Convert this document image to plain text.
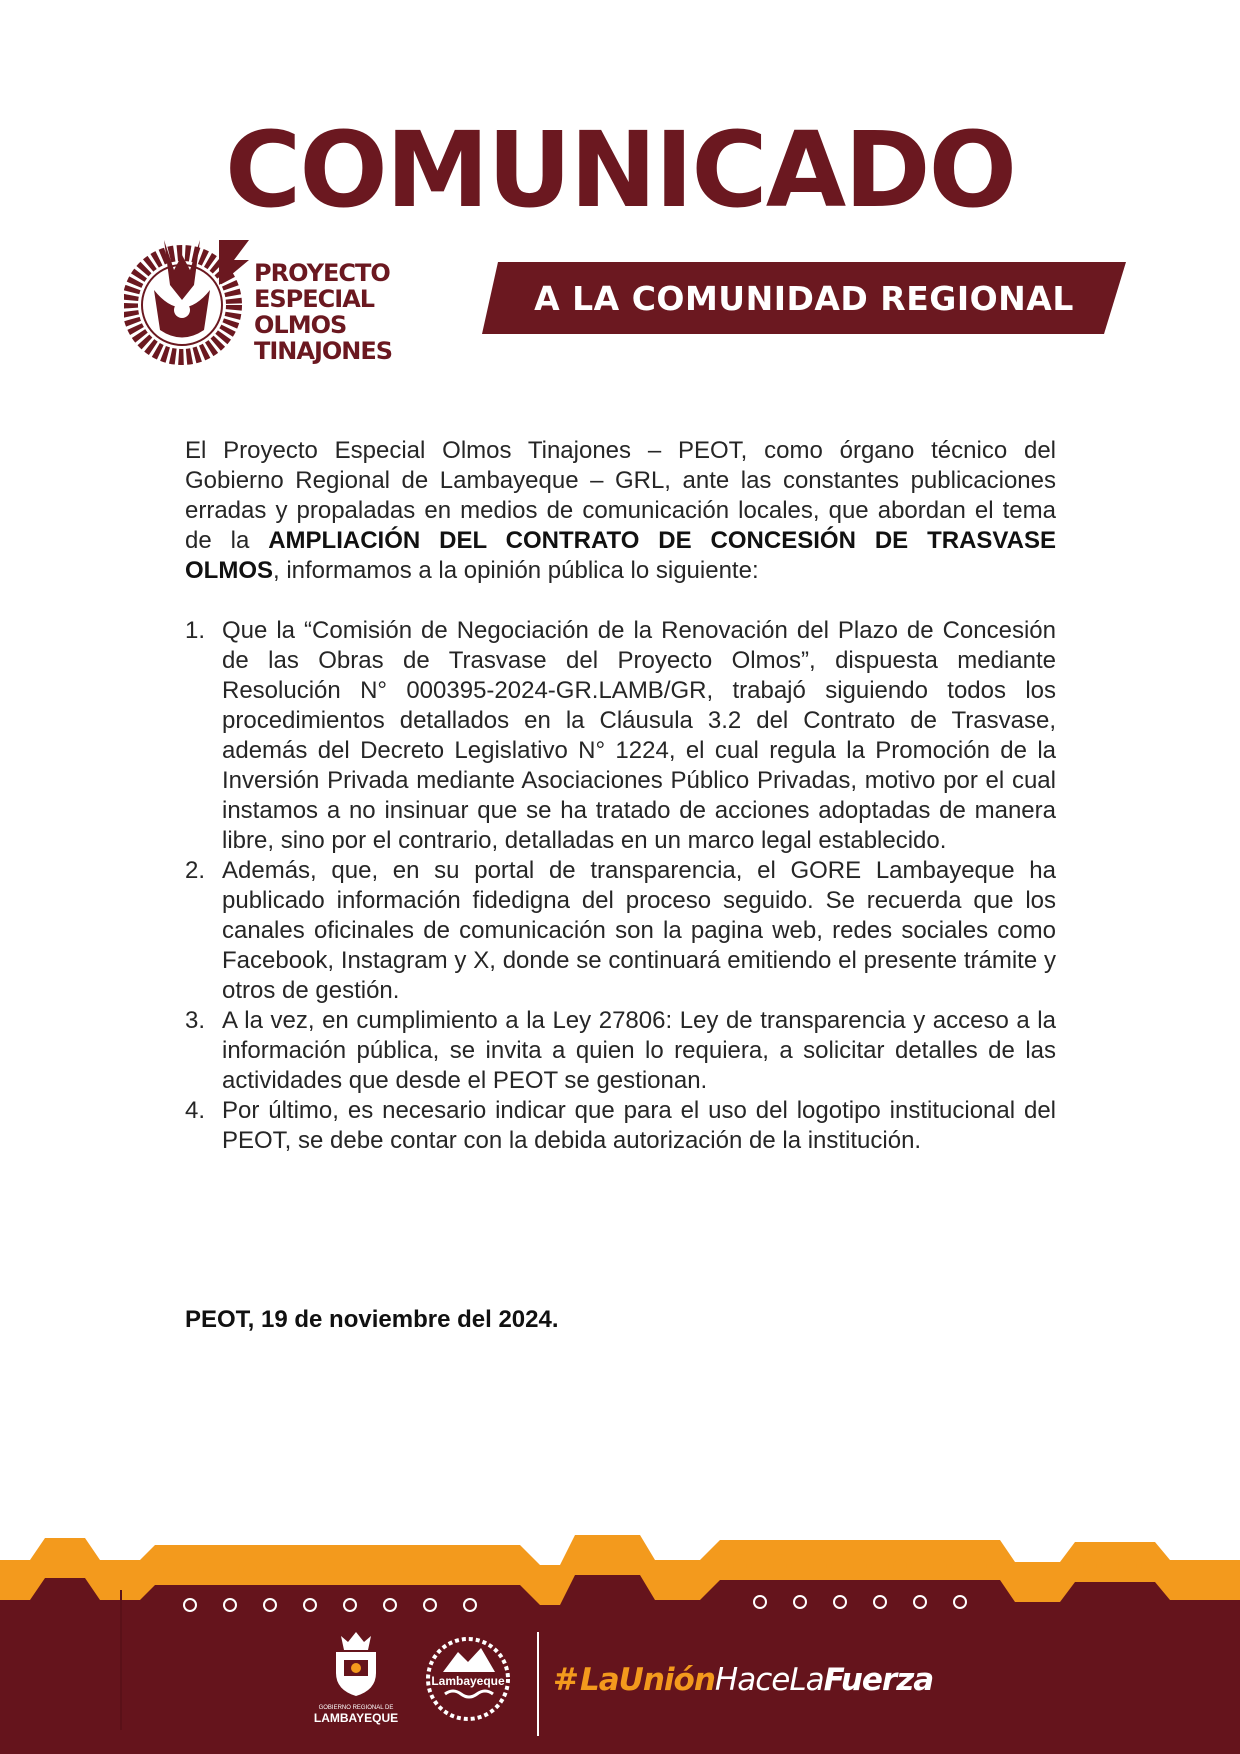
COMUNICADO
PROYECTO ESPECIAL
OLMOS TINAJONES
A LA COMUNIDAD REGIONAL

El Proyecto Especial Olmos Tinajones – PEOT, como órgano técnico del Gobierno Regional de Lambayeque – GRL, ante las constantes publicaciones erradas y propaladas en medios de comunicación locales, que abordan el tema de la AMPLIACIÓN DEL CONTRATO DE CONCESIÓN DE TRASVASE OLMOS, informamos a la opinión pública lo siguiente:

1. Que la “Comisión de Negociación de la Renovación del Plazo de Concesión de las Obras de Trasvase del Proyecto Olmos”, dispuesta mediante Resolución N° 000395-2024-GR.LAMB/GR, trabajó siguiendo todos los procedimientos detallados en la Cláusula 3.2 del Contrato de Trasvase, además del Decreto Legislativo N° 1224, el cual regula la Promoción de la Inversión Privada mediante Asociaciones Público Privadas, motivo por el cual instamos a no insinuar que se ha tratado de acciones adoptadas de manera libre, sino por el contrario, detalladas en un marco legal establecido.
2. Además, que, en su portal de transparencia, el GORE Lambayeque ha publicado información fidedigna del proceso seguido. Se recuerda que los canales oficinales de comunicación son la pagina web, redes sociales como Facebook, Instagram y X, donde se continuará emitiendo el presente trámite y otros de gestión.
3. A la vez, en cumplimiento a la Ley 27806: Ley de transparencia y acceso a la información pública, se invita a quien lo requiera, a solicitar detalles de las actividades que desde el PEOT se gestionan.
4. Por último, es necesario indicar que para el uso del logotipo institucional del PEOT, se debe contar con la debida autorización de la institución.
PEOT, 19 de noviembre del 2024.
GOBIERNO REGIONAL DE
LAMBAYEQUE
Lambayeque #LaUniónHaceLaFuerza
